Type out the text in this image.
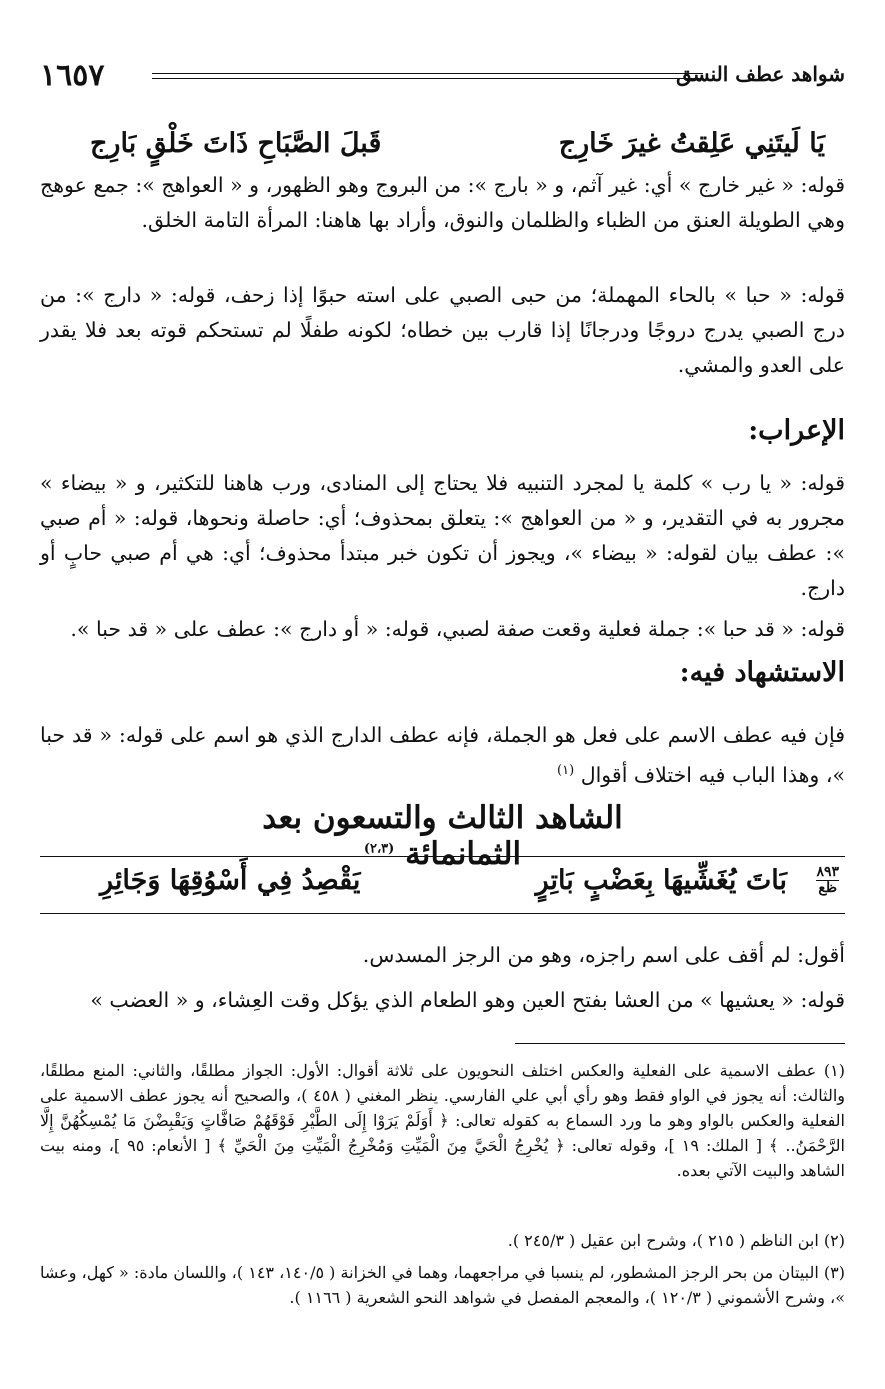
١٦٥٧	شواهد عطف النسق
يَا لَيتَنِي عَلِقتُ غيرَ خَارِج
قَبلَ الصَّبَاحِ ذَاتَ خَلْقٍ بَارِج

قوله: « غير خارج » أي: غير آثم، و « بارج »: من البروج وهو الظهور، و « العواهج »: جمع عوهج وهي الطويلة العنق من الظباء والظلمان والنوق، وأراد بها هاهنا: المرأة التامة الخلق.

قوله: « حبا » بالحاء المهملة؛ من حبى الصبي على استه حبوًا إذا زحف، قوله: « دارج »: من درج الصبي يدرج دروجًا ودرجانًا إذا قارب بين خطاه؛ لكونه طفلًا لم تستحكم قوته بعد فلا يقدر على العدو والمشي.

الإعراب:

قوله: « يا رب » كلمة يا لمجرد التنبيه فلا يحتاج إلى المنادى، ورب هاهنا للتكثير، و « بيضاء » مجرور به في التقدير، و « من العواهج »: يتعلق بمحذوف؛ أي: حاصلة ونحوها، قوله: « أم صبي »: عطف بيان لقوله: « بيضاء »، ويجوز أن تكون خبر مبتدأ محذوف؛ أي: هي أم صبي حابٍ أو دارج.

قوله: « قد حبا »: جملة فعلية وقعت صفة لصبي، قوله: « أو دارج »: عطف على « قد حبا ».

الاستشهاد فيه:

فإن فيه عطف الاسم على فعل هو الجملة، فإنه عطف الدارج الذي هو اسم على قوله: « قد حبا »، وهذا الباب فيه اختلاف أقوال $^{(١)}$

الشاهد الثالث والتسعون بعد الثمانمائة $^{(٢،٣)}$
٨٩٣
ظع
بَاتَ يُغَشِّيهَا بِعَضْبٍ بَاتِرٍ
يَقْصِدُ فِي أَسْوُقِهَا وَجَائِرِ

أقول: لم أقف على اسم راجزه، وهو من الرجز المسدس.

قوله: « يعشيها » من العشا بفتح العين وهو الطعام الذي يؤكل وقت العِشاء، و « العضب »

(١) عطف الاسمية على الفعلية والعكس اختلف النحويون على ثلاثة أقوال: الأول: الجواز مطلقًا، والثاني: المنع مطلقًا، والثالث: أنه يجوز في الواو فقط وهو رأي أبي علي الفارسي. ينظر المغني ( ٤٥٨ )، والصحيح أنه يجوز عطف الاسمية على الفعلية والعكس بالواو وهو ما ورد السماع به كقوله تعالى: ﴿ أَوَلَمْ يَرَوْا إِلَى الطَّيْرِ فَوْقَهُمْ صَافَّاتٍ وَيَقْبِضْنَ مَا يُمْسِكُهُنَّ إِلَّا الرَّحْمَنُ.. ﴾ [ الملك: ١٩ ]، وقوله تعالى: ﴿ يُخْرِجُ الْحَيَّ مِنَ الْمَيِّتِ وَمُخْرِجُ الْمَيِّتِ مِنَ الْحَيِّ ﴾ [ الأنعام: ٩٥ ]، ومنه بيت الشاهد والبيت الآتي بعده.

(٢) ابن الناظم ( ٢١٥ )، وشرح ابن عقيل ( ٢٤٥/٣ ).

(٣) البيتان من بحر الرجز المشطور، لم ينسبا في مراجعهما، وهما في الخزانة ( ١٤٠/٥، ١٤٣ )، واللسان مادة: « كهل، وعشا »، وشرح الأشموني ( ١٢٠/٣ )، والمعجم المفصل في شواهد النحو الشعرية ( ١١٦٦ ).
